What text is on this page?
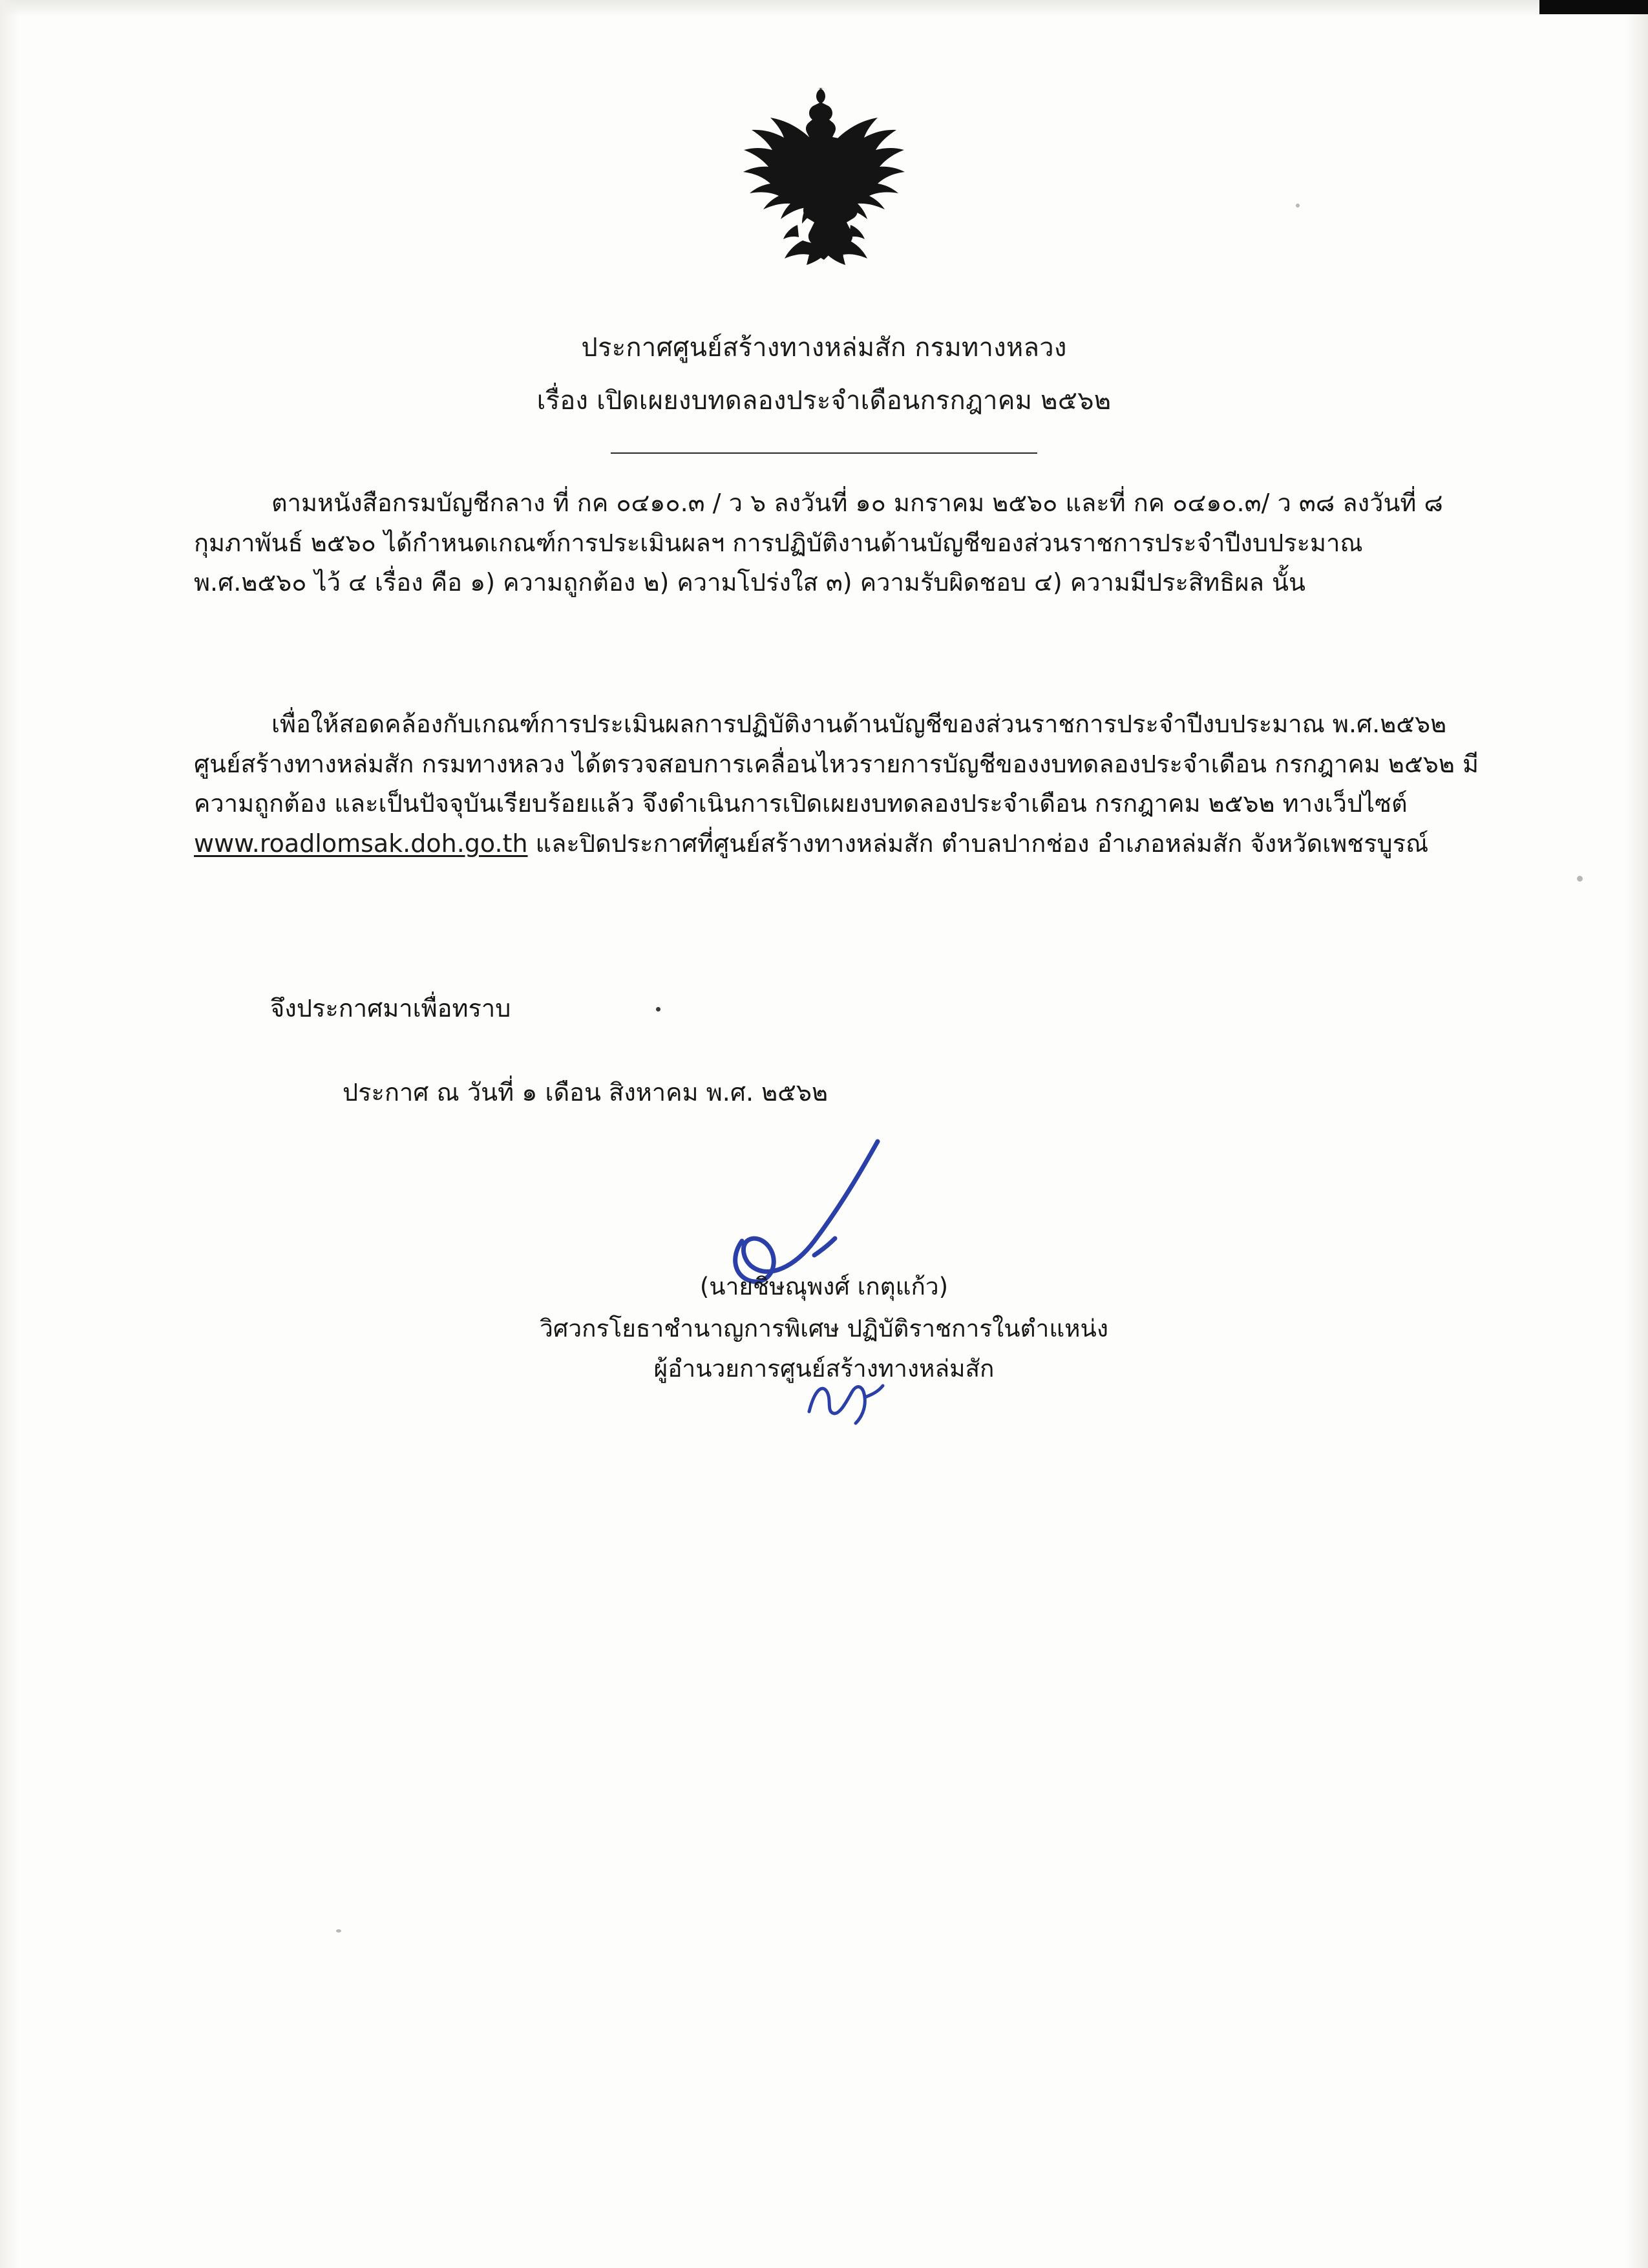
ประกาศศูนย์สร้างทางหล่มสัก กรมทางหลวง
เรื่อง เปิดเผยงบทดลองประจำเดือนกรกฎาคม ๒๕๖๒
ตามหนังสือกรมบัญชีกลาง ที่ กค ๐๔๑๐.๓ / ว ๖ ลงวันที่ ๑๐ มกราคม ๒๕๖๐ และที่ กค ๐๔๑๐.๓/ ว ๓๘ ลงวันที่ ๘ กุมภาพันธ์ ๒๕๖๐ ได้กำหนดเกณฑ์การประเมินผลฯ การปฏิบัติงานด้านบัญชีของส่วนราชการประจำปีงบประมาณ พ.ศ.๒๕๖๐ ไว้ ๔ เรื่อง คือ ๑) ความถูกต้อง ๒) ความโปร่งใส ๓) ความรับผิดชอบ ๔) ความมีประสิทธิผล นั้น
เพื่อให้สอดคล้องกับเกณฑ์การประเมินผลการปฏิบัติงานด้านบัญชีของส่วนราชการประจำปีงบประมาณ พ.ศ.๒๕๖๒ ศูนย์สร้างทางหล่มสัก กรมทางหลวง ได้ตรวจสอบการเคลื่อนไหวรายการบัญชีของงบทดลองประจำเดือน กรกฎาคม ๒๕๖๒ มีความถูกต้อง และเป็นปัจจุบันเรียบร้อยแล้ว จึงดำเนินการเปิดเผยงบทดลองประจำเดือน กรกฎาคม ๒๕๖๒ ทางเว็ปไซต์ www.roadlomsak.doh.go.th และปิดประกาศที่ศูนย์สร้างทางหล่มสัก ตำบลปากช่อง อำเภอหล่มสัก จังหวัดเพชรบูรณ์
จึงประกาศมาเพื่อทราบ
ประกาศ ณ วันที่ ๑ เดือน สิงหาคม พ.ศ. ๒๕๖๒
(นายชิษณุพงศ์ เกตุแก้ว)
วิศวกรโยธาชำนาญการพิเศษ ปฏิบัติราชการในตำแหน่ง
ผู้อำนวยการศูนย์สร้างทางหล่มสัก
